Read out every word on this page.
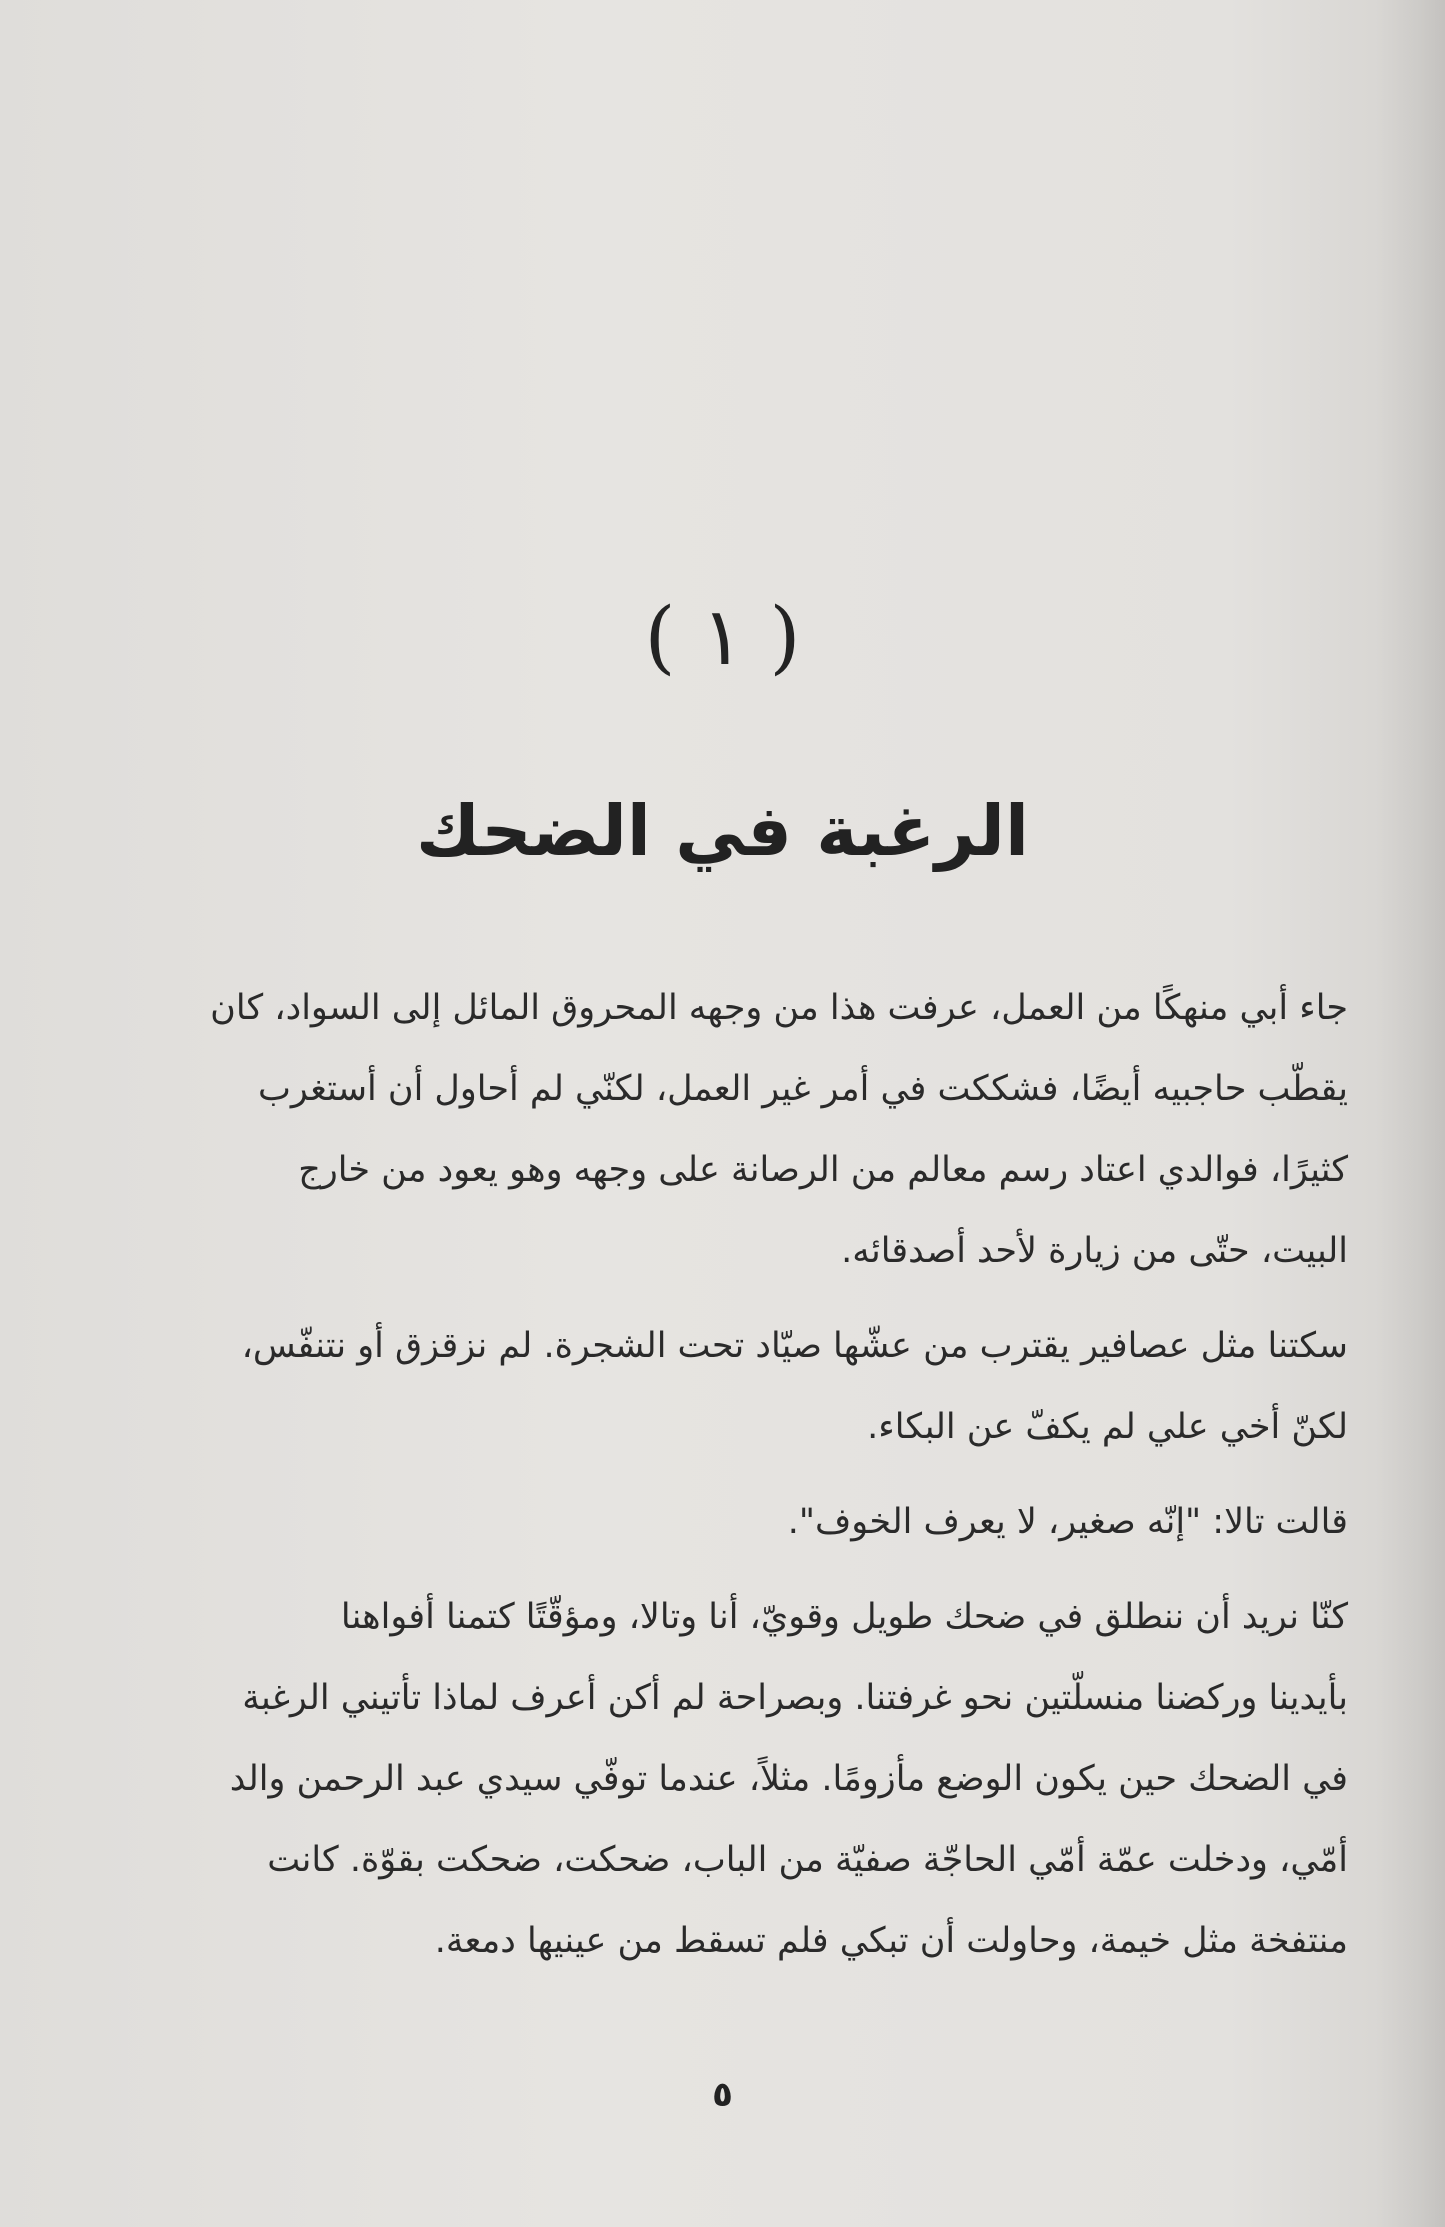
( ١ )
الرغبة في الضحك
جاء أبي منهكًا من العمل، عرفت هذا من وجهه المحروق المائل إلى السواد، كان
يقطّب حاجبيه أيضًا، فشككت في أمر غير العمل، لكنّي لم أحاول أن أستغرب
كثيرًا، فوالدي اعتاد رسم معالم من الرصانة على وجهه وهو يعود من خارج
البيت، حتّى من زيارة لأحد أصدقائه.
سكتنا مثل عصافير يقترب من عشّها صيّاد تحت الشجرة. لم نزقزق أو نتنفّس،
لكنّ أخي علي لم يكفّ عن البكاء.
قالت تالا: "إنّه صغير، لا يعرف الخوف".
كنّا نريد أن ننطلق في ضحك طويل وقويّ، أنا وتالا، ومؤقّتًا كتمنا أفواهنا
بأيدينا وركضنا منسلّتين نحو غرفتنا. وبصراحة لم أكن أعرف لماذا تأتيني الرغبة
في الضحك حين يكون الوضع مأزومًا. مثلاً، عندما توفّي سيدي عبد الرحمن والد
أمّي، ودخلت عمّة أمّي الحاجّة صفيّة من الباب، ضحكت، ضحكت بقوّة. كانت
منتفخة مثل خيمة، وحاولت أن تبكي فلم تسقط من عينيها دمعة.
٥
